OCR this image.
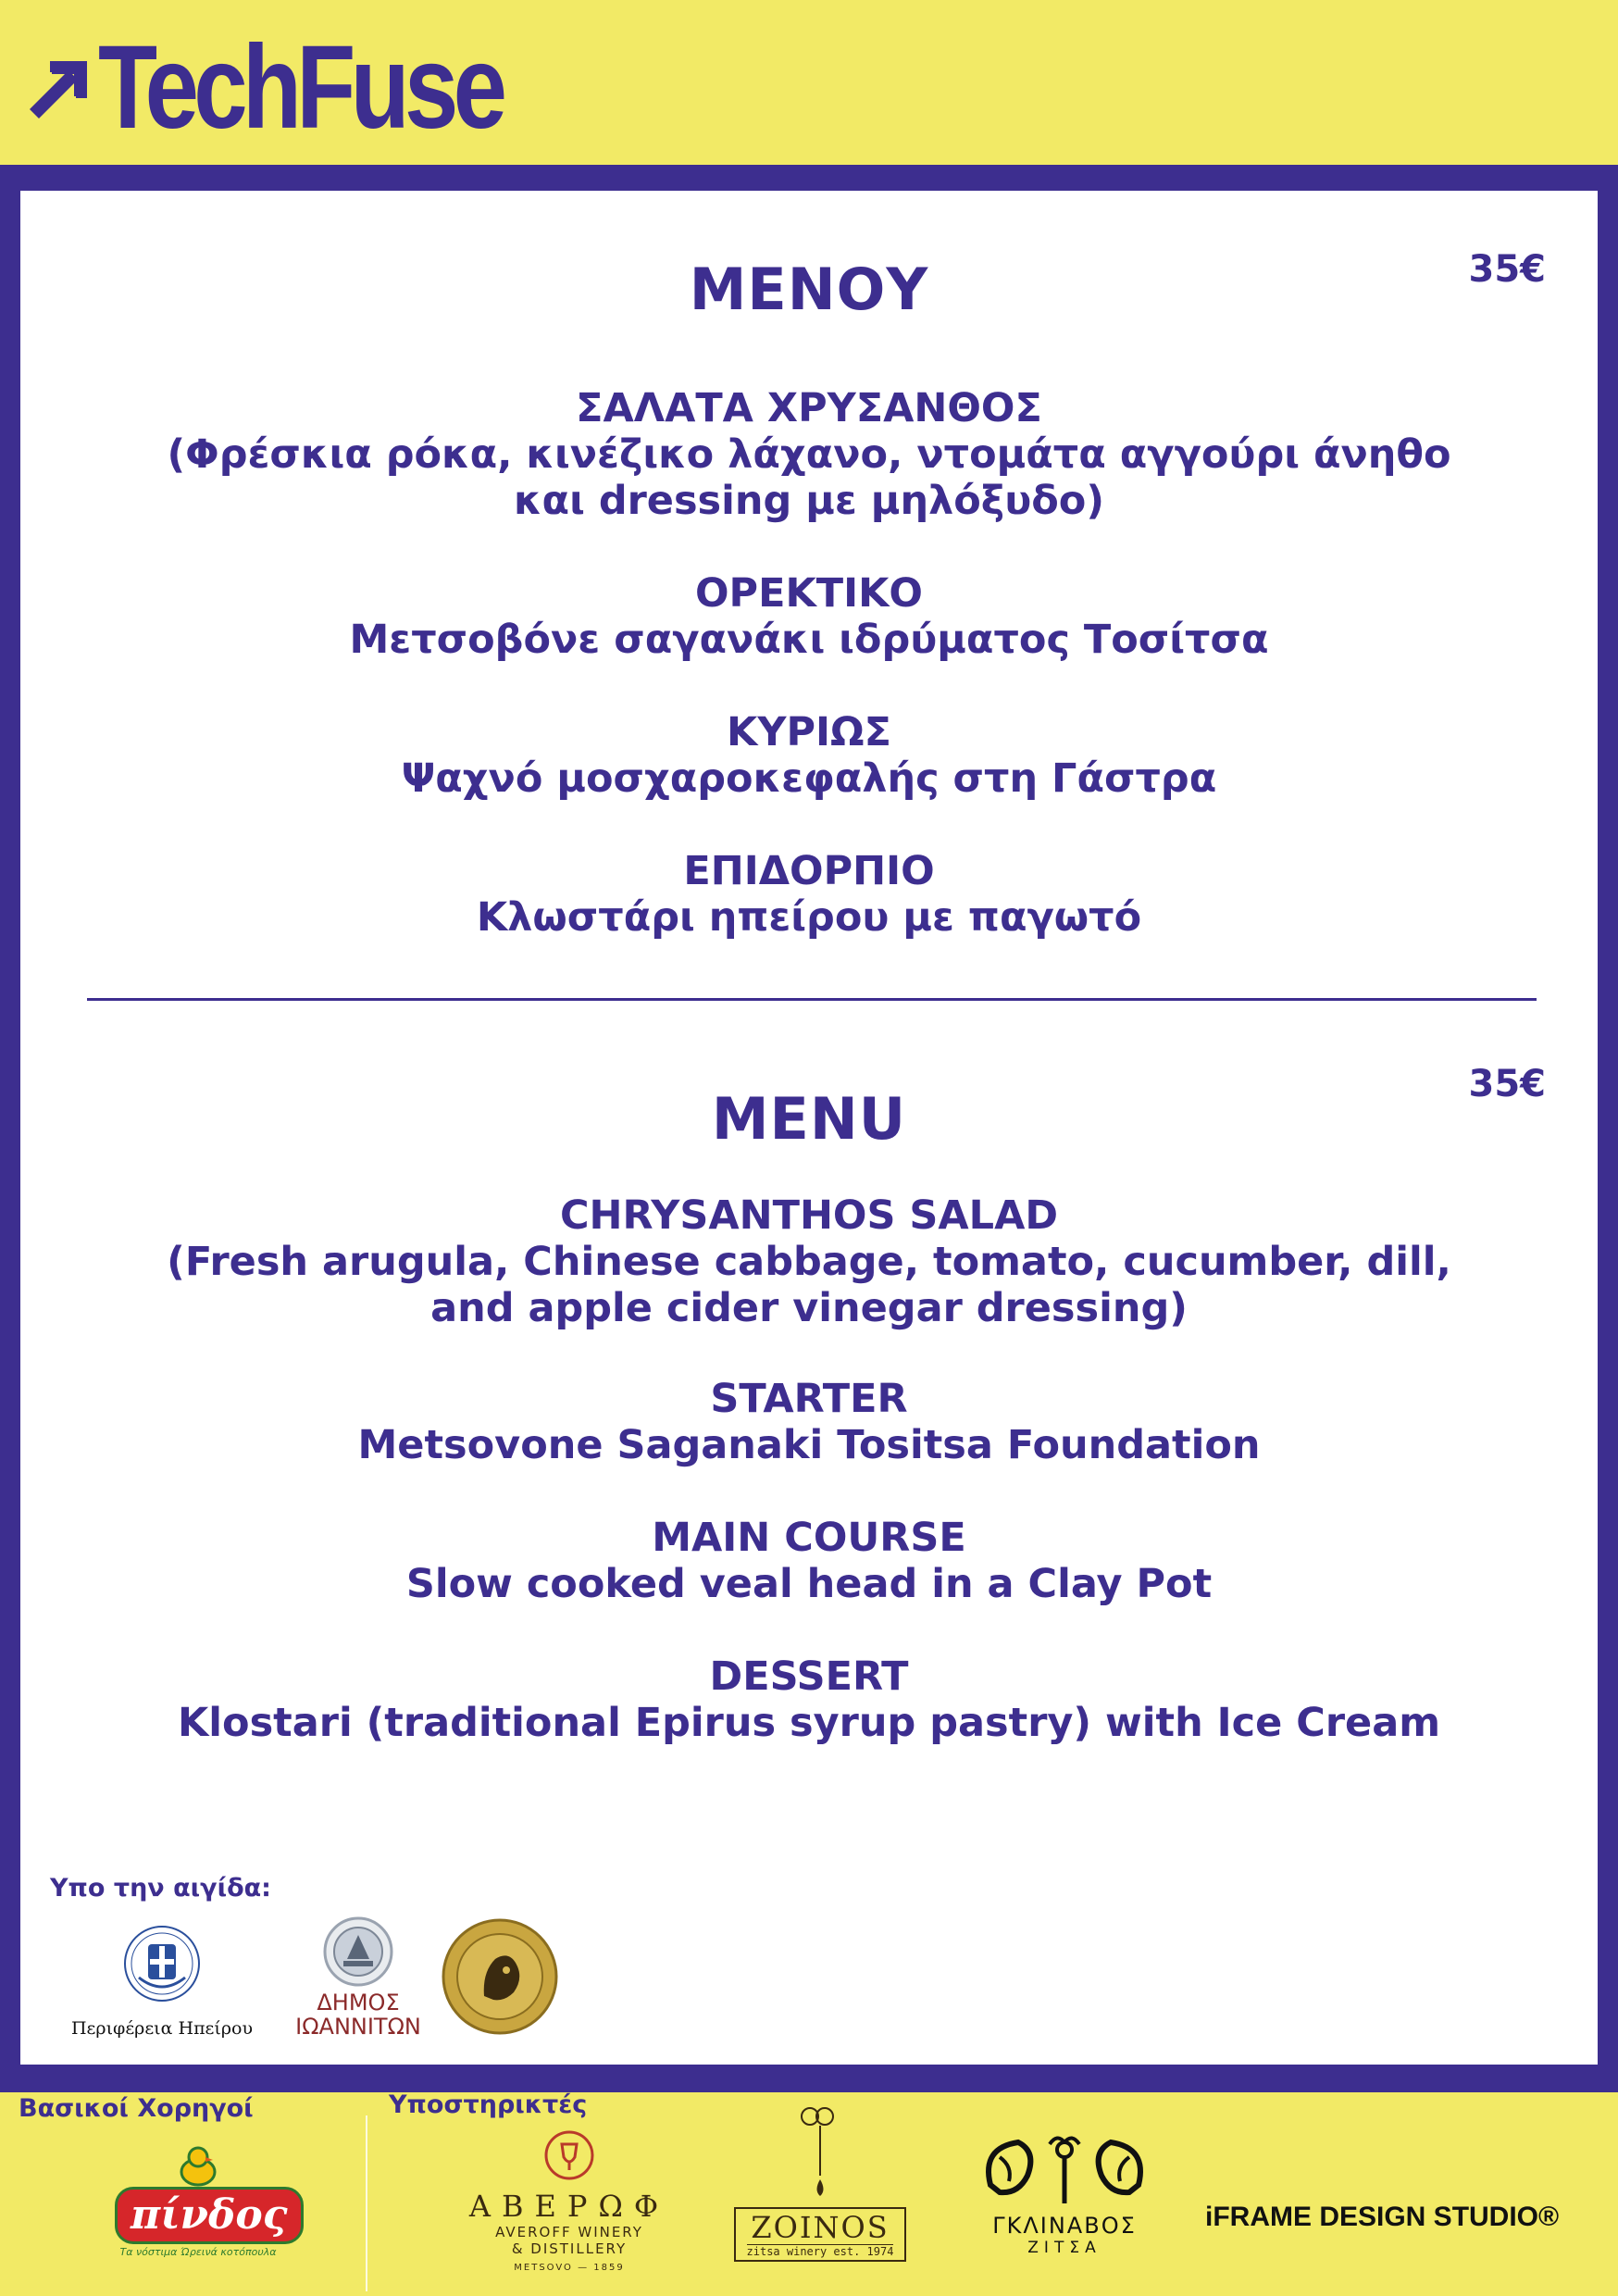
TechFuse
35€
ΜΕΝΟΥ
ΣΑΛΑΤΑ ΧΡΥΣΑΝΘΟΣ
(Φρέσκια ρόκα, κινέζικο λάχανο, ντομάτα αγγούρι άνηθο
και dressing με μηλόξυδο)
ΟΡΕΚΤΙΚΟ
Μετσοβόνε σαγανάκι ιδρύματος Τοσίτσα
ΚΥΡΙΩΣ
Ψαχνό μοσχαροκεφαλής στη Γάστρα
ΕΠΙΔΟΡΠΙΟ
Κλωστάρι ηπείρου με παγωτό
35€
MENU
CHRYSANTHOS SALAD
(Fresh arugula, Chinese cabbage, tomato, cucumber, dill,
and apple cider vinegar dressing)
STARTER
Metsovone Saganaki Tositsa Foundation
MAIN COURSE
Slow cooked veal head in a Clay Pot
DESSERT
Klostari (traditional Epirus syrup pastry) with Ice Cream
Υπο την αιγίδα:
Περιφέρεια Ηπείρου
ΔΗΜΟΣ
ΙΩΑΝΝΙΤΩΝ
Βασικοί Χορηγοί	Υποστηρικτές
πίνδος
Τα νόστιμα Ώρεινά κοτόπουλα
ΑΒΕΡΩΦ
AVEROFF WINERY
& DISTILLERY
METSOVO — 1859
ZOINOS
zitsa winery est. 1974
ΓΚΛΙΝΑΒΟΣ
ΖΙΤΣΑ
iFRAME DESIGN STUDIO®
